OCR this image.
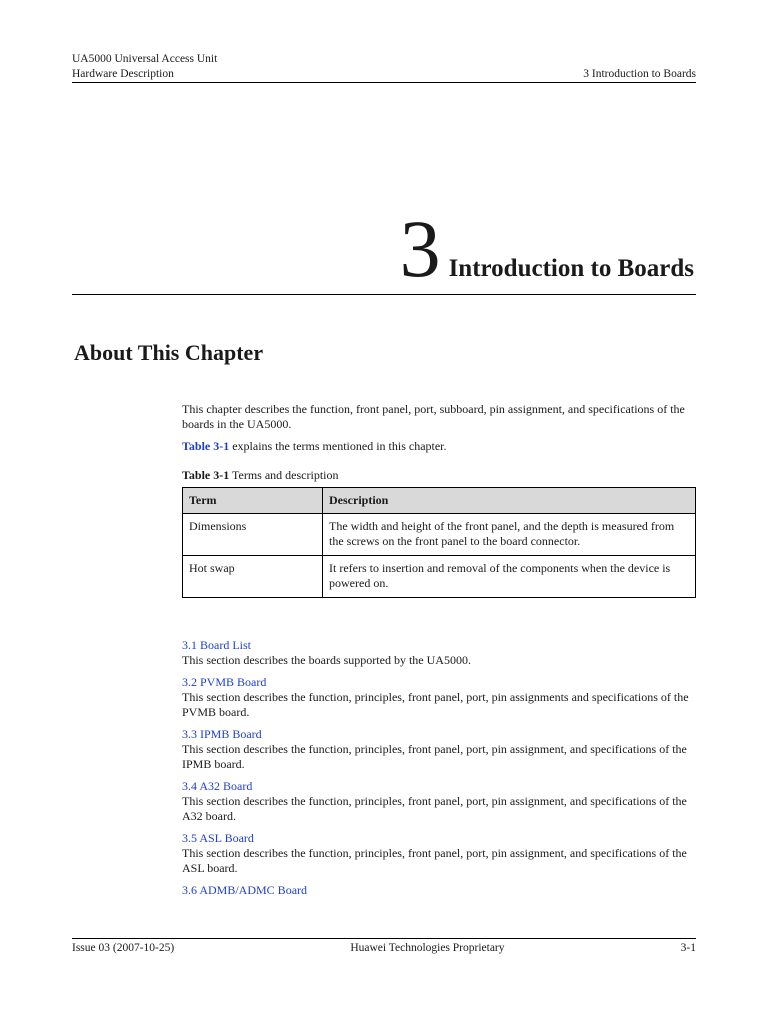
UA5000 Universal Access Unit
Hardware Description	3 Introduction to Boards
3 Introduction to Boards
About This Chapter

This chapter describes the function, front panel, port, subboard, pin assignment, and specifications of the boards in the UA5000.

Table 3-1 explains the terms mentioned in this chapter.

Table 3-1 Terms and description

Term	Description
Dimensions	The width and height of the front panel, and the depth is measured from the screws on the front panel to the board connector.
Hot swap	It refers to insertion and removal of the components when the device is powered on.
3.1 Board List
This section describes the boards supported by the UA5000.
3.2 PVMB Board
This section describes the function, principles, front panel, port, pin assignments and specifications of the PVMB board.
3.3 IPMB Board
This section describes the function, principles, front panel, port, pin assignment, and specifications of the IPMB board.
3.4 A32 Board
This section describes the function, principles, front panel, port, pin assignment, and specifications of the A32 board.
3.5 ASL Board
This section describes the function, principles, front panel, port, pin assignment, and specifications of the ASL board.
3.6 ADMB/ADMC Board
Issue 03 (2007-10-25)	Huawei Technologies Proprietary	3-1
